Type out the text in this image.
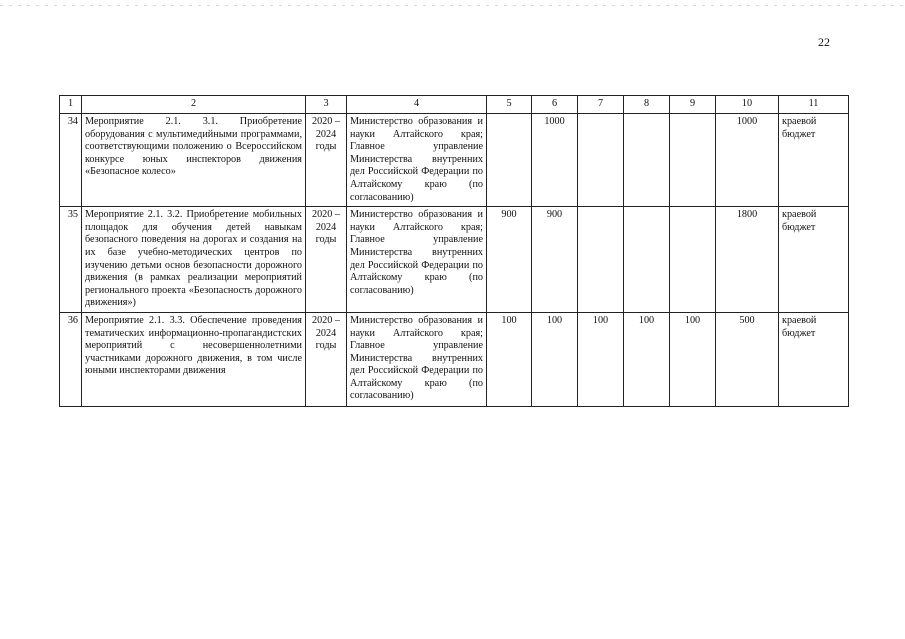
22
1	2	3	4	5	6	7	8	9	10	11
34	Мероприятие 2.1. 3.1. Приобретение оборудования с мультимедийными программами, соответствующими положению о Всероссийском конкурсе юных инспекторов движения «Безопасное колесо»	2020 – 2024 годы	Министерство образования и науки Алтайского края; Главное управление Министерства внутренних дел Российской Федерации по Алтайскому краю (по согласованию)		1000				1000	краевой бюджет
35	Мероприятие 2.1. 3.2. Приобретение мобильных площадок для обучения детей навыкам безопасного поведения на дорогах и создания на их базе учебно-методических центров по изучению детьми основ безопасности дорожного движения (в рамках реализации мероприятий регионального проекта «Безопасность дорожного движения»)	2020 – 2024 годы	Министерство образования и науки Алтайского края; Главное управление Министерства внутренних дел Российской Федерации по Алтайскому краю (по согласованию)	900	900				1800	краевой бюджет
36	Мероприятие 2.1. 3.3. Обеспечение проведения тематических информационно-пропагандистских мероприятий с несовершеннолетними участниками дорожного движения, в том числе юными инспекторами движения	2020 – 2024 годы	Министерство образования и науки Алтайского края; Главное управление Министерства внутренних дел Российской Федерации по Алтайскому краю (по согласованию)	100	100	100	100	100	500	краевой бюджет
